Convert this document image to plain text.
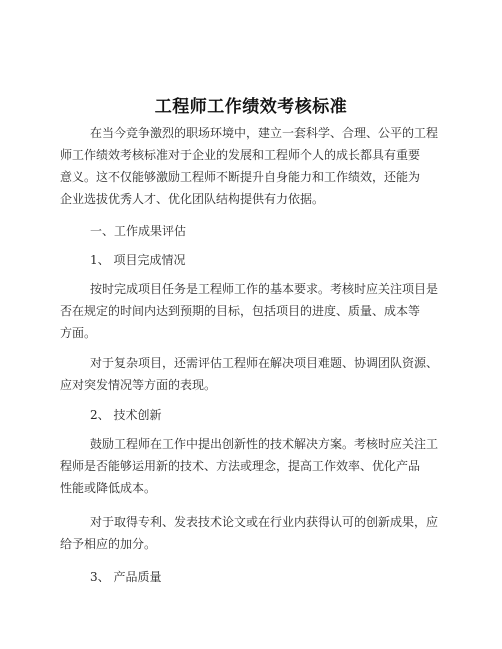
工程师工作绩效考核标准
在当今竞争激烈的职场环境中，建立一套科学、合理、公平的工程
师工作绩效考核标准对于企业的发展和工程师个人的成长都具有重要
意义。这不仅能够激励工程师不断提升自身能力和工作绩效，还能为
企业选拔优秀人才、优化团队结构提供有力依据。
一、工作成果评估
1、 项目完成情况
按时完成项目任务是工程师工作的基本要求。考核时应关注项目是
否在规定的时间内达到预期的目标，包括项目的进度、质量、成本等
方面。
对于复杂项目，还需评估工程师在解决项目难题、协调团队资源、
应对突发情况等方面的表现。
2、 技术创新
鼓励工程师在工作中提出创新性的技术解决方案。考核时应关注工
程师是否能够运用新的技术、方法或理念，提高工作效率、优化产品
性能或降低成本。
对于取得专利、发表技术论文或在行业内获得认可的创新成果，应
给予相应的加分。
3、 产品质量
